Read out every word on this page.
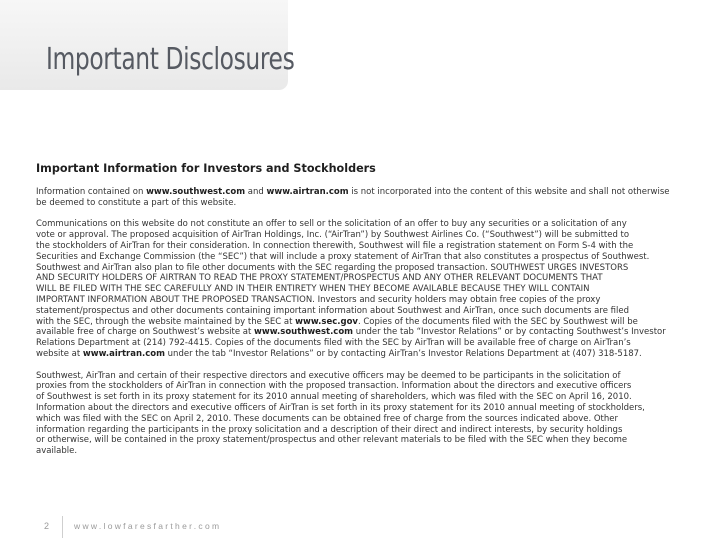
Important Disclosures
Important Information for Investors and Stockholders

Information contained on www.southwest.com and www.airtran.com is not incorporated into the content of this website and shall not otherwise
be deemed to constitute a part of this website.

Communications on this website do not constitute an offer to sell or the solicitation of an offer to buy any securities or a solicitation of any
vote or approval. The proposed acquisition of AirTran Holdings, Inc. (“AirTran”) by Southwest Airlines Co. (“Southwest”) will be submitted to
the stockholders of AirTran for their consideration. In connection therewith, Southwest will file a registration statement on Form S-4 with the
Securities and Exchange Commission (the “SEC”) that will include a proxy statement of AirTran that also constitutes a prospectus of Southwest.
Southwest and AirTran also plan to file other documents with the SEC regarding the proposed transaction. SOUTHWEST URGES INVESTORS
AND SECURITY HOLDERS OF AIRTRAN TO READ THE PROXY STATEMENT/PROSPECTUS AND ANY OTHER RELEVANT DOCUMENTS THAT
WILL BE FILED WITH THE SEC CAREFULLY AND IN THEIR ENTIRETY WHEN THEY BECOME AVAILABLE BECAUSE THEY WILL CONTAIN
IMPORTANT INFORMATION ABOUT THE PROPOSED TRANSACTION. Investors and security holders may obtain free copies of the proxy
statement/prospectus and other documents containing important information about Southwest and AirTran, once such documents are filed
with the SEC, through the website maintained by the SEC at www.sec.gov. Copies of the documents filed with the SEC by Southwest will be
available free of charge on Southwest’s website at www.southwest.com under the tab “Investor Relations” or by contacting Southwest’s Investor
Relations Department at (214) 792-4415. Copies of the documents filed with the SEC by AirTran will be available free of charge on AirTran’s
website at www.airtran.com under the tab “Investor Relations” or by contacting AirTran’s Investor Relations Department at (407) 318-5187.

Southwest, AirTran and certain of their respective directors and executive officers may be deemed to be participants in the solicitation of
proxies from the stockholders of AirTran in connection with the proposed transaction. Information about the directors and executive officers
of Southwest is set forth in its proxy statement for its 2010 annual meeting of shareholders, which was filed with the SEC on April 16, 2010.
Information about the directors and executive officers of AirTran is set forth in its proxy statement for its 2010 annual meeting of stockholders,
which was filed with the SEC on April 2, 2010. These documents can be obtained free of charge from the sources indicated above. Other
information regarding the participants in the proxy solicitation and a description of their direct and indirect interests, by security holdings
or otherwise, will be contained in the proxy statement/prospectus and other relevant materials to be filed with the SEC when they become
available.

2	www.lowfaresfarther.com
